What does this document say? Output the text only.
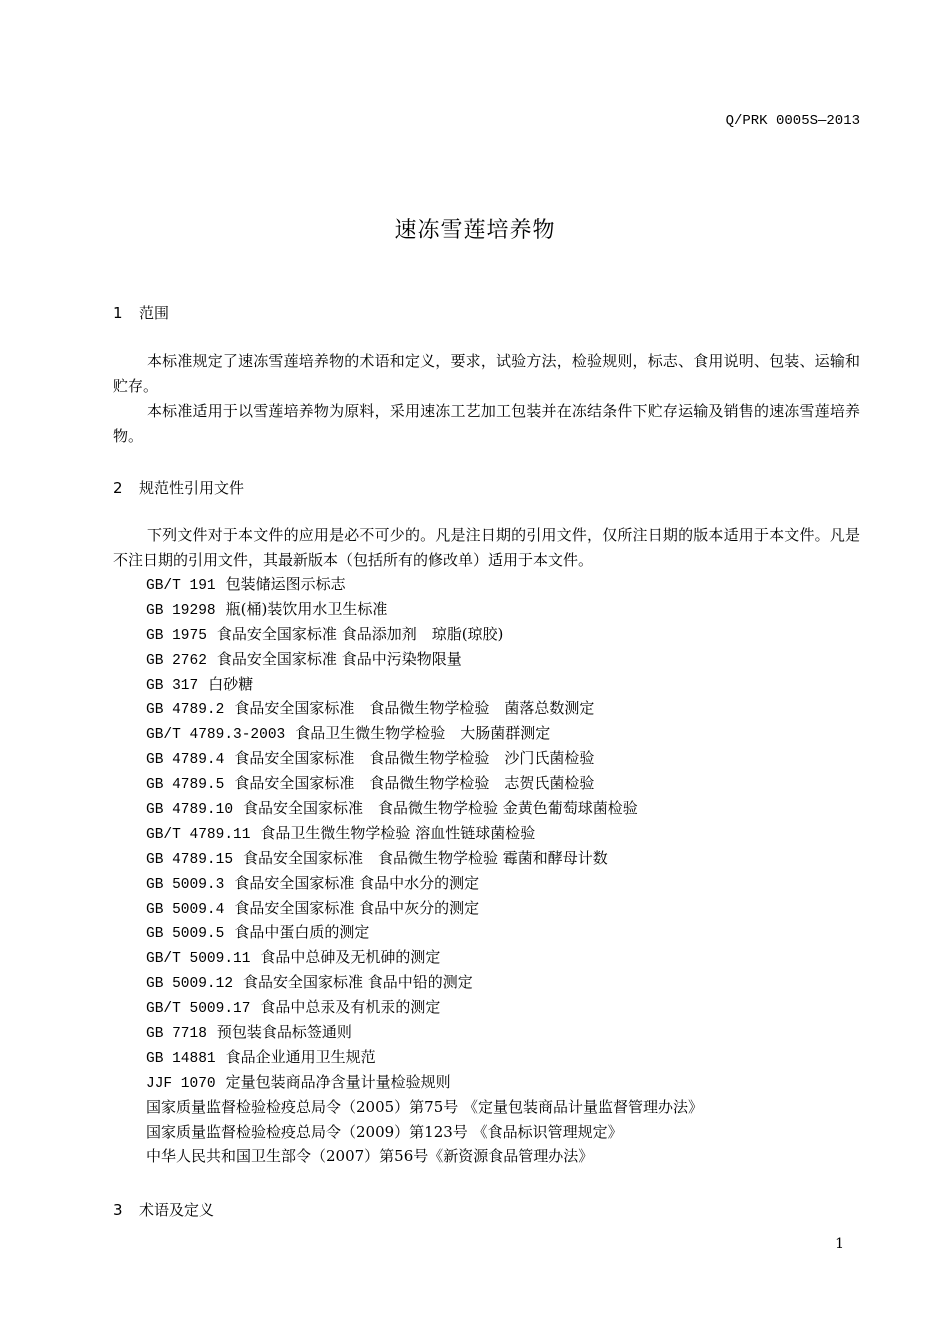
Q/PRK 0005S—2013
速冻雪莲培养物
1 范围
本标准规定了速冻雪莲培养物的术语和定义，要求，试验方法，检验规则，标志、食用说明、包装、运输和贮存。
本标准适用于以雪莲培养物为原料，采用速冻工艺加工包装并在冻结条件下贮存运输及销售的速冻雪莲培养物。
2 规范性引用文件
下列文件对于本文件的应用是必不可少的。凡是注日期的引用文件，仅所注日期的版本适用于本文件。凡是不注日期的引用文件，其最新版本（包括所有的修改单）适用于本文件。
GB/T 191 包装储运图示标志
GB 19298 瓶(桶)装饮用水卫生标准
GB 1975 食品安全国家标准 食品添加剂　琼脂(琼胶)
GB 2762 食品安全国家标准 食品中污染物限量
GB 317 白砂糖
GB 4789.2 食品安全国家标准　食品微生物学检验　菌落总数测定
GB/T 4789.3-2003 食品卫生微生物学检验　大肠菌群测定
GB 4789.4 食品安全国家标准　食品微生物学检验　沙门氏菌检验
GB 4789.5 食品安全国家标准　食品微生物学检验　志贺氏菌检验
GB 4789.10 食品安全国家标准　食品微生物学检验 金黄色葡萄球菌检验
GB/T 4789.11 食品卫生微生物学检验 溶血性链球菌检验
GB 4789.15 食品安全国家标准　食品微生物学检验 霉菌和酵母计数
GB 5009.3 食品安全国家标准 食品中水分的测定
GB 5009.4 食品安全国家标准 食品中灰分的测定
GB 5009.5 食品中蛋白质的测定
GB/T 5009.11 食品中总砷及无机砷的测定
GB 5009.12 食品安全国家标准 食品中铅的测定
GB/T 5009.17 食品中总汞及有机汞的测定
GB 7718 预包装食品标签通则
GB 14881 食品企业通用卫生规范
JJF 1070 定量包装商品净含量计量检验规则
国家质量监督检验检疫总局令（2005）第75号 《定量包装商品计量监督管理办法》
国家质量监督检验检疫总局令（2009）第123号 《食品标识管理规定》
中华人民共和国卫生部令（2007）第56号《新资源食品管理办法》
3 术语及定义
1
